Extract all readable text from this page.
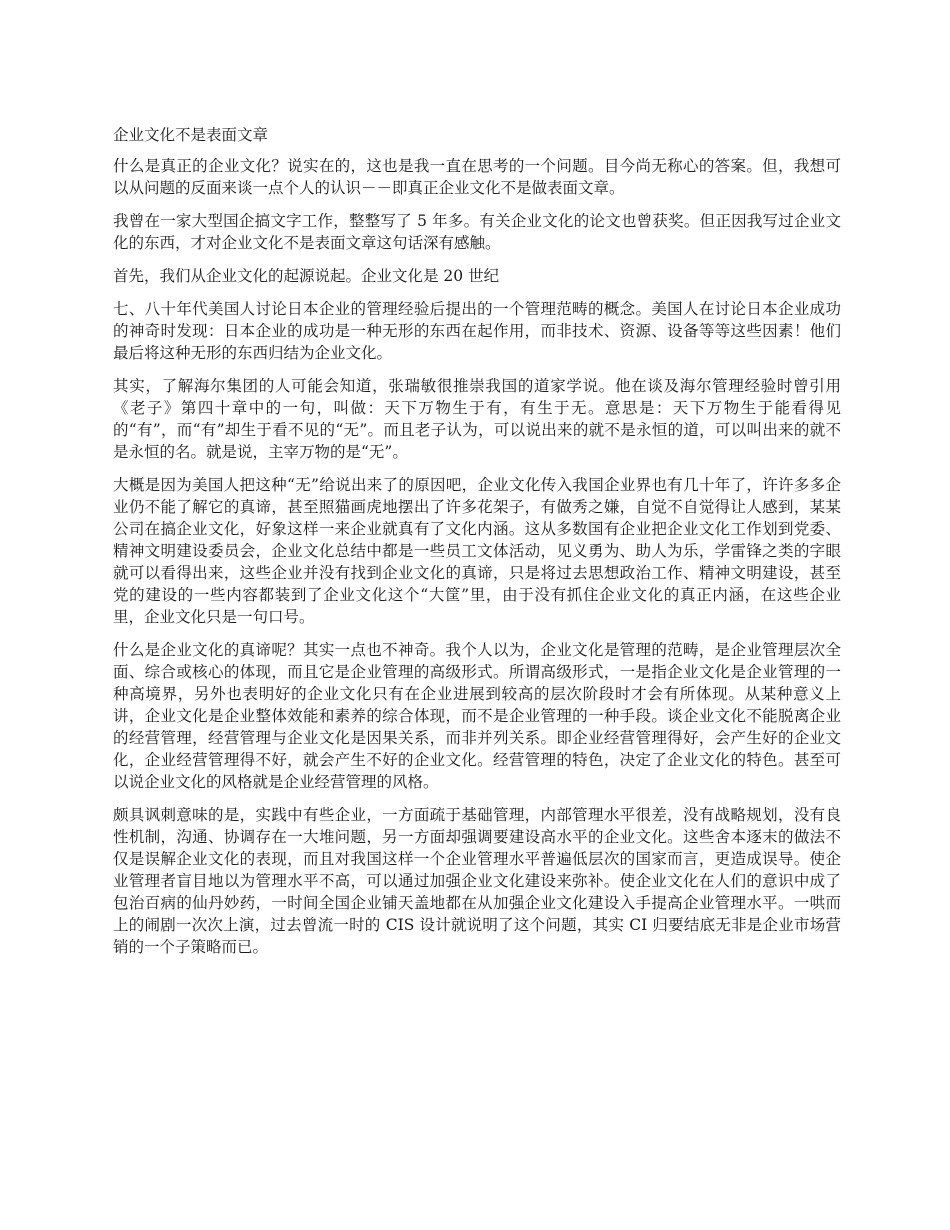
企业文化不是表面文章

什么是真正的企业文化？说实在的，这也是我一直在思考的一个问题。目今尚无称心的答案。但，我想可以从问题的反面来谈一点个人的认识－－即真正企业文化不是做表面文章。

我曾在一家大型国企搞文字工作，整整写了 5 年多。有关企业文化的论文也曾获奖。但正因我写过企业文化的东西，才对企业文化不是表面文章这句话深有感触。

首先，我们从企业文化的起源说起。企业文化是 20 世纪

七、八十年代美国人讨论日本企业的管理经验后提出的一个管理范畴的概念。美国人在讨论日本企业成功的神奇时发现：日本企业的成功是一种无形的东西在起作用，而非技术、资源、设备等等这些因素！他们最后将这种无形的东西归结为企业文化。

其实，了解海尔集团的人可能会知道，张瑞敏很推崇我国的道家学说。他在谈及海尔管理经验时曾引用《老子》第四十章中的一句，叫做：天下万物生于有，有生于无。意思是：天下万物生于能看得见的“有”，而“有”却生于看不见的“无”。而且老子认为，可以说出来的就不是永恒的道，可以叫出来的就不是永恒的名。就是说，主宰万物的是“无”。

大概是因为美国人把这种“无”给说出来了的原因吧，企业文化传入我国企业界也有几十年了，许许多多企业仍不能了解它的真谛，甚至照猫画虎地摆出了许多花架子，有做秀之嫌，自觉不自觉得让人感到，某某公司在搞企业文化，好象这样一来企业就真有了文化内涵。这从多数国有企业把企业文化工作划到党委、精神文明建设委员会，企业文化总结中都是一些员工文体活动，见义勇为、助人为乐，学雷锋之类的字眼就可以看得出来，这些企业并没有找到企业文化的真谛，只是将过去思想政治工作、精神文明建设，甚至党的建设的一些内容都装到了企业文化这个“大筐”里，由于没有抓住企业文化的真正内涵，在这些企业里，企业文化只是一句口号。

什么是企业文化的真谛呢？其实一点也不神奇。我个人以为，企业文化是管理的范畴，是企业管理层次全面、综合或核心的体现，而且它是企业管理的高级形式。所谓高级形式，一是指企业文化是企业管理的一种高境界，另外也表明好的企业文化只有在企业进展到较高的层次阶段时才会有所体现。从某种意义上讲，企业文化是企业整体效能和素养的综合体现，而不是企业管理的一种手段。谈企业文化不能脱离企业的经营管理，经营管理与企业文化是因果关系，而非并列关系。即企业经营管理得好，会产生好的企业文化，企业经营管理得不好，就会产生不好的企业文化。经营管理的特色，决定了企业文化的特色。甚至可以说企业文化的风格就是企业经营管理的风格。

颇具讽刺意味的是，实践中有些企业，一方面疏于基础管理，内部管理水平很差，没有战略规划，没有良性机制，沟通、协调存在一大堆问题，另一方面却强调要建设高水平的企业文化。这些舍本逐末的做法不仅是误解企业文化的表现，而且对我国这样一个企业管理水平普遍低层次的国家而言，更造成误导。使企业管理者盲目地以为管理水平不高，可以通过加强企业文化建设来弥补。使企业文化在人们的意识中成了包治百病的仙丹妙药，一时间全国企业铺天盖地都在从加强企业文化建设入手提高企业管理水平。一哄而上的闹剧一次次上演，过去曾流一时的 CIS 设计就说明了这个问题，其实 CI 归要结底无非是企业市场营销的一个子策略而已。
